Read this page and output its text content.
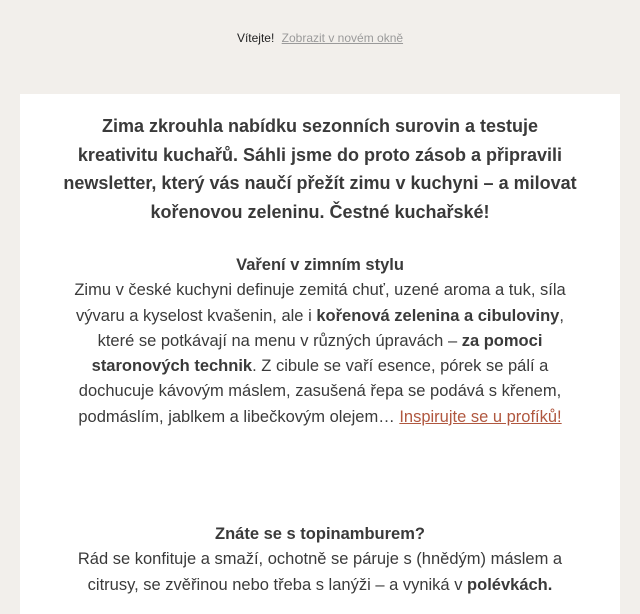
Vítejte! Zobrazit v novém okně
Zima zkrouhla nabídku sezonních surovin a testuje kreativitu kuchařů. Sáhli jsme do proto zásob a připravili newsletter, který vás naučí přežít zimu v kuchyni – a milovat kořenovou zeleninu. Čestné kuchařské!
Vaření v zimním stylu

Zimu v české kuchyni definuje zemitá chuť, uzené aroma a tuk, síla vývaru a kyselost kvašenin, ale i kořenová zelenina a cibuloviny, které se potkávají na menu v různých úpravách – za pomoci staronových technik. Z cibule se vaří esence, pórek se pálí a dochucuje kávovým máslem, zasušená řepa se podává s křenem, podmáslím, jablkem a libečkovým olejem… Inspirujte se u profíků!

Znáte se s topinamburem?

Rád se konfituje a smaží, ochotně se páruje s (hnědým) máslem a citrusy, se zvěřinou nebo třeba s lanýži – a vyniká v polévkách.
